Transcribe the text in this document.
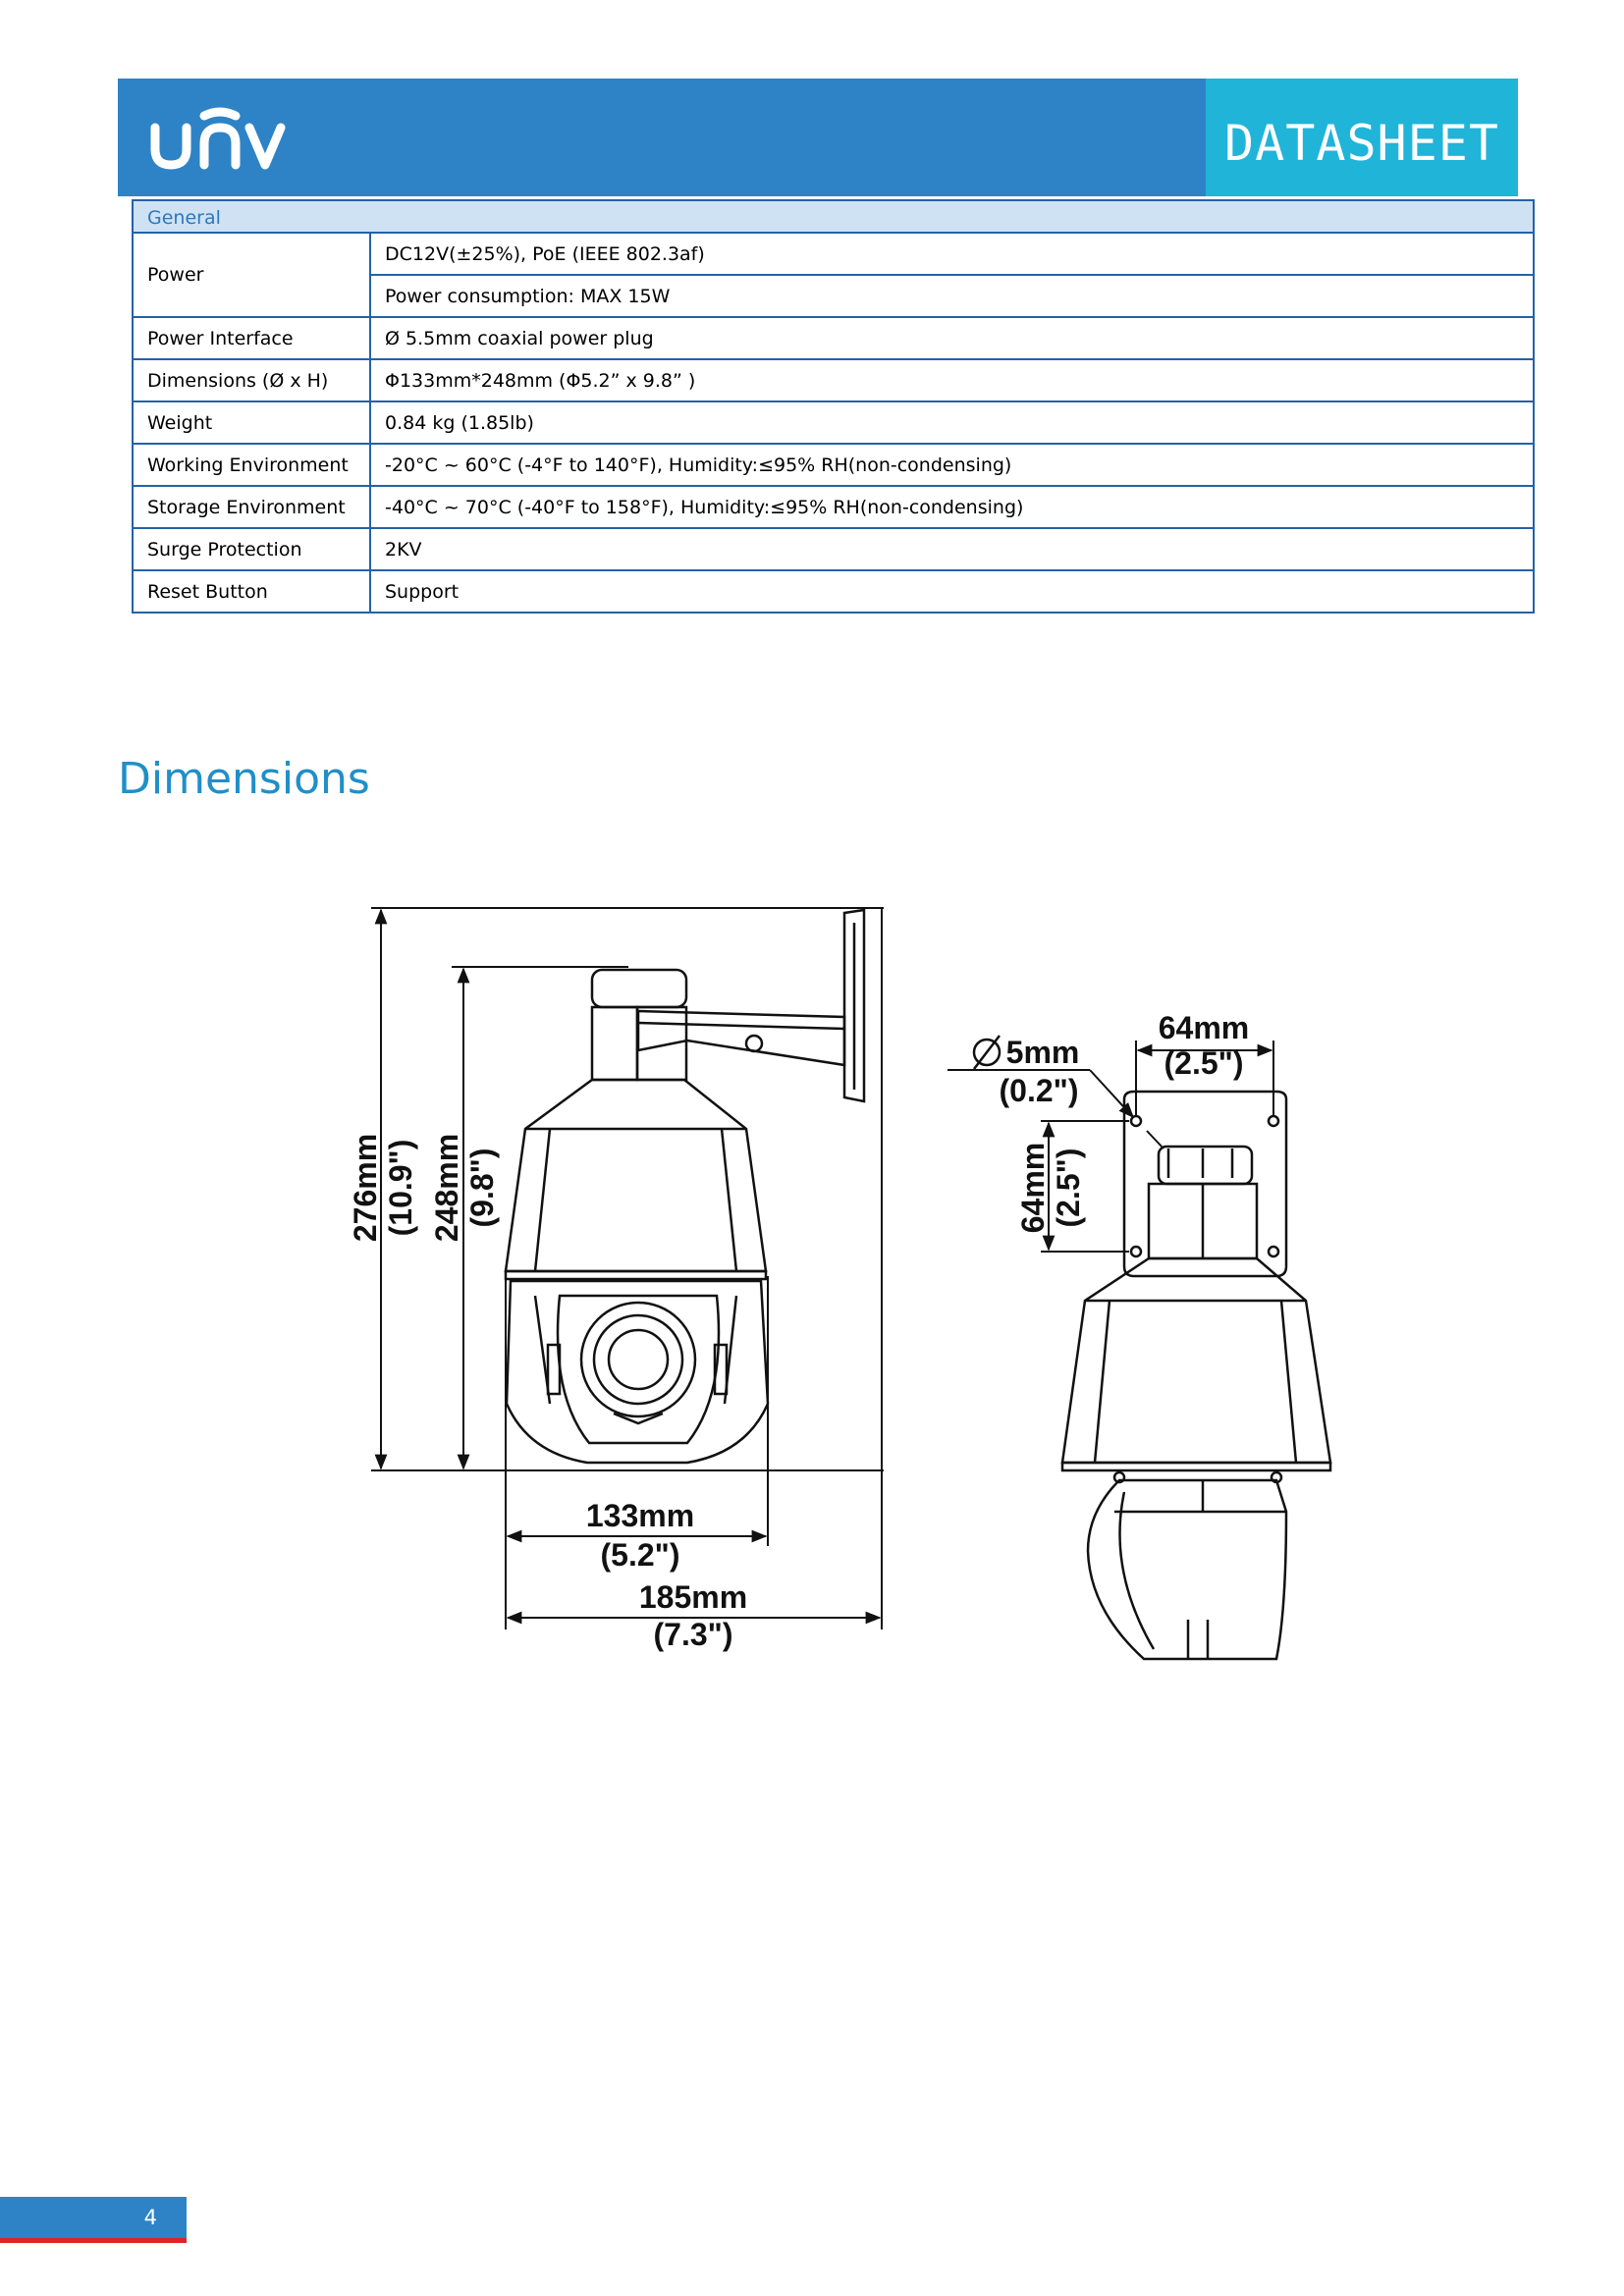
DATASHEET
General	
Power	DC12V(±25%), PoE (IEEE 802.3af)
	Power consumption: MAX 15W
Power Interface	Ø 5.5mm coaxial power plug
Dimensions (Ø x H)	Φ133mm*248mm (Φ5.2” x 9.8” )
Weight	0.84 kg (1.85lb)
Working Environment	-20°C ~ 60°C (-4°F to 140°F), Humidity:≤95% RH(non-condensing)
Storage Environment	-40°C ~ 70°C (-40°F to 158°F), Humidity:≤95% RH(non-condensing)
Surge Protection	2KV
Reset Button	Support
Dimensions
276mm (10.9") 248mm (9.8")
133mm
(5.2")
185mm
(7.3")
5mm
(0.2")
64mm
(2.5")
64mm (2.5")
4
